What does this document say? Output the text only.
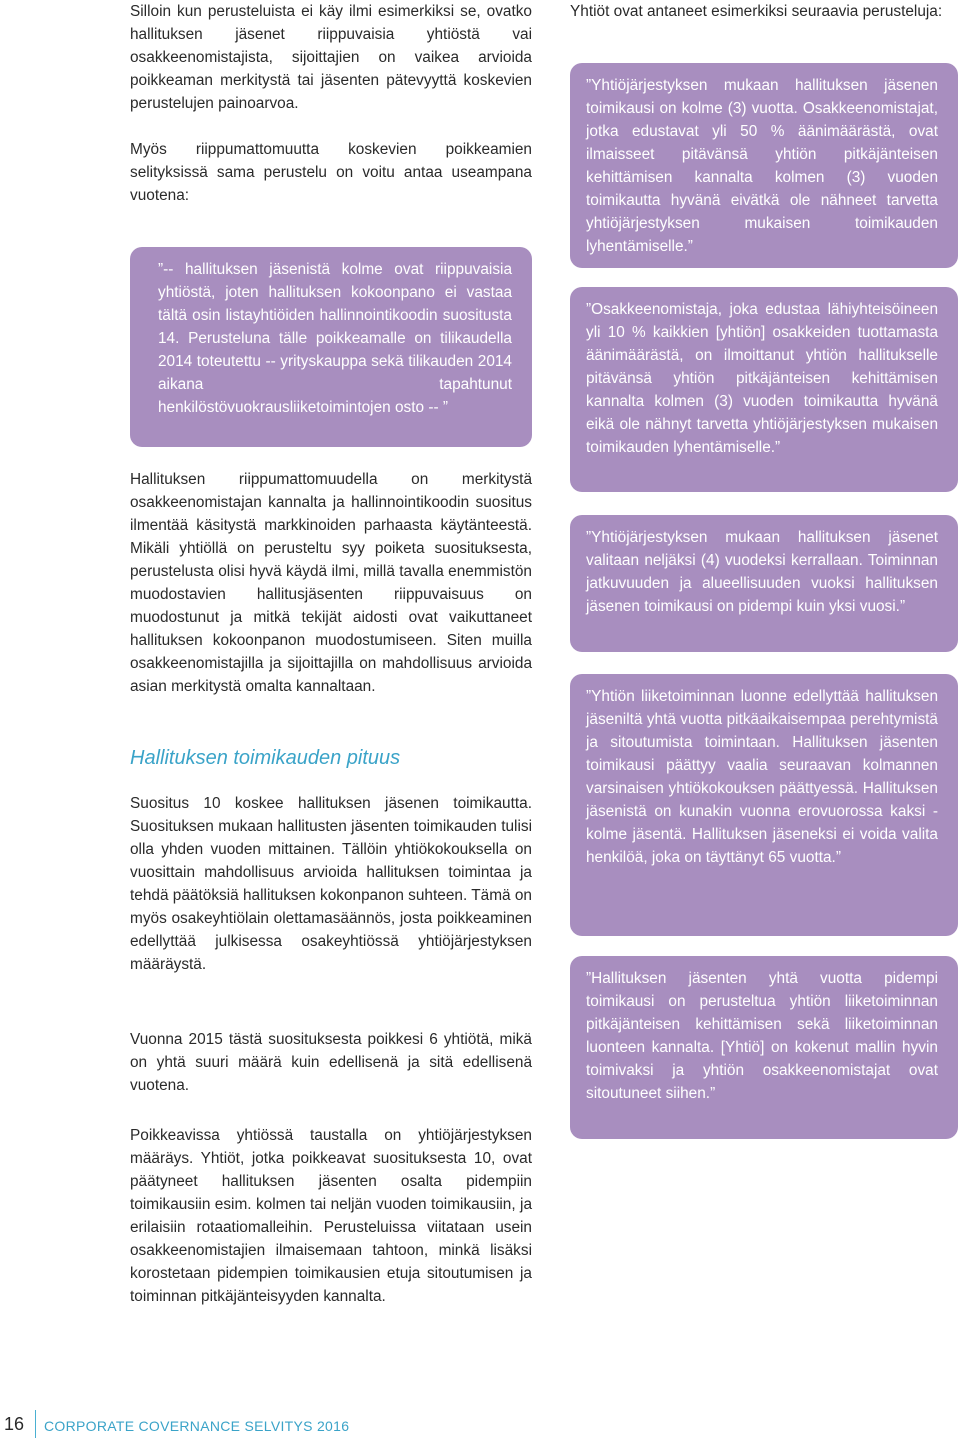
Silloin kun perusteluista ei käy ilmi esimerkiksi se, ovatko hallituksen jäsenet riippuvaisia yhtiöstä vai osakkeenomistajista, sijoittajien on vaikea arvioida poikkeaman merkitystä tai jäsenten pätevyyttä koskevien perustelujen painoarvoa.

Myös riippumattomuutta koskevien poikkeamien selityksissä sama perustelu on voitu antaa useampana vuotena:

”-- hallituksen jäsenistä kolme ovat riippuvaisia yhtiöstä, joten hallituksen kokoonpano ei vastaa tältä osin listayhtiöiden hallinnointikoodin suositusta 14. Perusteluna tälle poikkeamalle on tilikaudella 2014 toteutettu -- yrityskauppa sekä tilikauden 2014 aikana tapahtunut henkilöstövuokrausliiketoimintojen osto -- ”

Hallituksen riippumattomuudella on merkitystä osakkeenomistajan kannalta ja hallinnointikoodin suositus ilmentää käsitystä markkinoiden parhaasta käytänteestä. Mikäli yhtiöllä on perusteltu syy poiketa suosituksesta, perustelusta olisi hyvä käydä ilmi, millä tavalla enemmistön muodostavien hallitusjäsenten riippuvaisuus on muodostunut ja mitkä tekijät aidosti ovat vaikuttaneet hallituksen kokoonpanon muodostumiseen. Siten muilla osakkeenomistajilla ja sijoittajilla on mahdollisuus arvioida asian merkitystä omalta kannaltaan.

Hallituksen toimikauden pituus

Suositus 10 koskee hallituksen jäsenen toimikautta. Suosituksen mukaan hallitusten jäsenten toimikauden tulisi olla yhden vuoden mittainen. Tällöin yhtiökokouksella on vuosittain mahdollisuus arvioida hallituksen toimintaa ja tehdä päätöksiä hallituksen kokonpanon suhteen. Tämä on myös osakeyhtiölain olettamasäännös, josta poikkeaminen edellyttää julkisessa osakeyhtiössä yhtiöjärjestyksen määräystä.

Vuonna 2015 tästä suosituksesta poikkesi 6 yhtiötä, mikä on yhtä suuri määrä kuin edellisenä ja sitä edellisenä vuotena.

Poikkeavissa yhtiössä taustalla on yhtiöjärjestyksen määräys. Yhtiöt, jotka poikkeavat suosituksesta 10, ovat päätyneet hallituksen jäsenten osalta pidempiin toimikausiin esim. kolmen tai neljän vuoden toimikausiin, ja erilaisiin rotaatiomalleihin. Perusteluissa viitataan usein osakkeenomistajien ilmaisemaan tahtoon, minkä lisäksi korostetaan pidempien toimikausien etuja sitoutumisen ja toiminnan pitkäjänteisyyden kannalta.

Yhtiöt ovat antaneet esimerkiksi seuraavia perusteluja:

”Yhtiöjärjestyksen mukaan hallituksen jäsenen toimikausi on kolme (3) vuotta. Osakkeenomistajat, jotka edustavat yli 50 % äänimäärästä, ovat ilmaisseet pitävänsä yhtiön pitkäjänteisen kehittämisen kannalta kolmen (3) vuoden toimikautta hyvänä eivätkä ole nähneet tarvetta yhtiöjärjestyksen mukaisen toimikauden lyhentämiselle.”

”Osakkeenomistaja, joka edustaa lähiyhteisöineen yli 10 % kaikkien [yhtiön] osakkeiden tuottamasta äänimäärästä, on ilmoittanut yhtiön hallitukselle pitävänsä yhtiön pitkäjänteisen kehittämisen kannalta kolmen (3) vuoden toimikautta hyvänä eikä ole nähnyt tarvetta yhtiöjärjestyksen mukaisen toimikauden lyhentämiselle.”

”Yhtiöjärjestyksen mukaan hallituksen jäsenet valitaan neljäksi (4) vuodeksi kerrallaan. Toiminnan jatkuvuuden ja alueellisuuden vuoksi hallituksen jäsenen toimikausi on pidempi kuin yksi vuosi.”

”Yhtiön liiketoiminnan luonne edellyttää hallituksen jäseniltä yhtä vuotta pitkäaikaisempaa perehtymistä ja sitoutumista toimintaan. Hallituksen jäsenten toimikausi päättyy vaalia seuraavan kolmannen varsinaisen yhtiökokouksen päättyessä. Hallituksen jäsenistä on kunakin vuonna erovuorossa kaksi - kolme jäsentä. Hallituksen jäseneksi ei voida valita henkilöä, joka on täyttänyt 65 vuotta.”

”Hallituksen jäsenten yhtä vuotta pidempi toimikausi on perusteltua yhtiön liiketoiminnan pitkäjänteisen kehittämisen sekä liiketoiminnan luonteen kannalta. [Yhtiö] on kokenut mallin hyvin toimivaksi ja yhtiön osakkeenomistajat ovat sitoutuneet siihen.”

16 CORPORATE COVERNANCE SELVITYS 2016
